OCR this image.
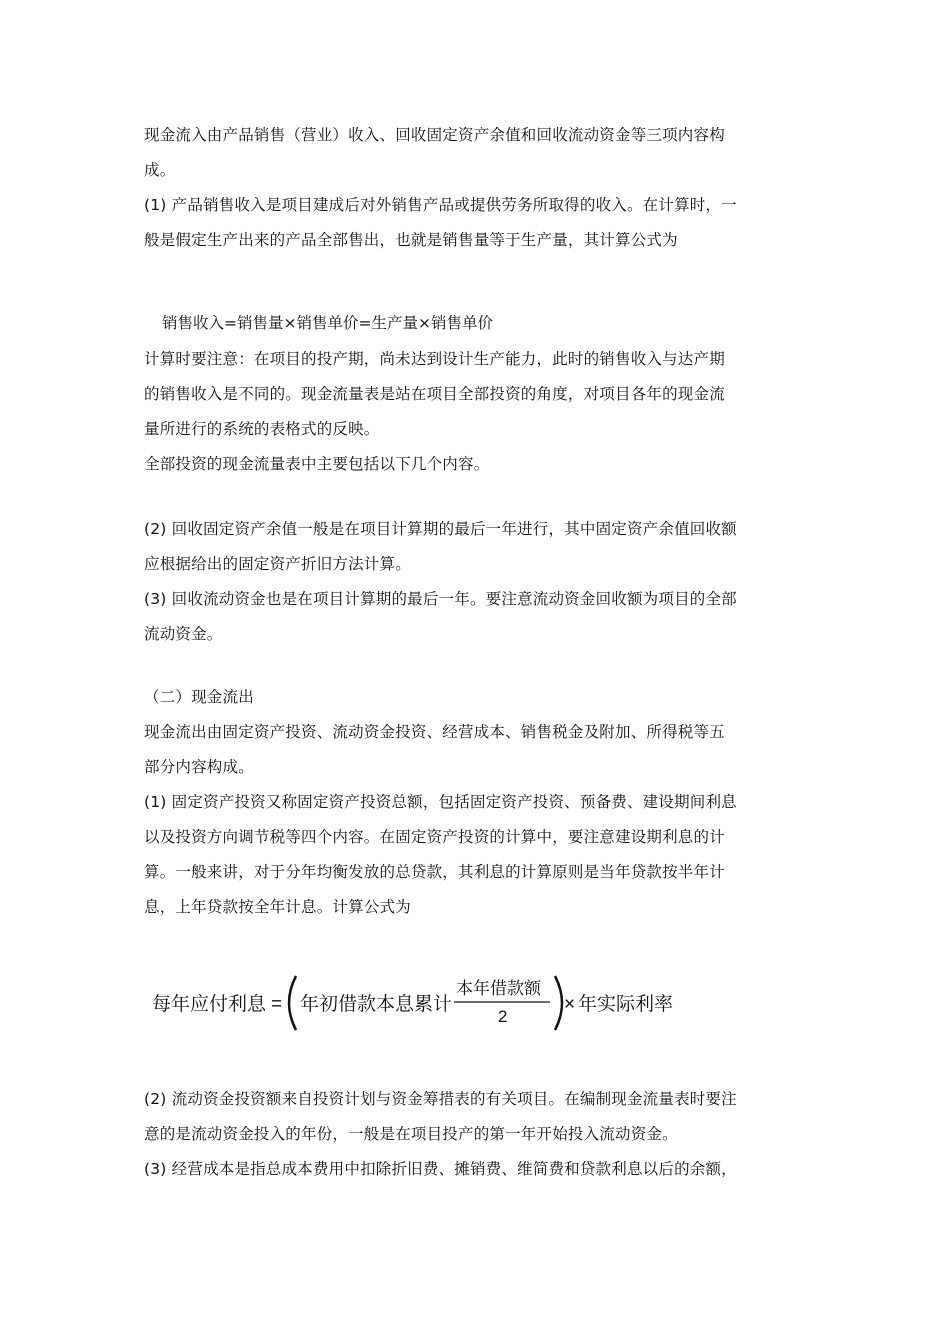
现金流入由产品销售（营业）收入、回收固定资产余值和回收流动资金等三项内容构
成。
(1) 产品销售收入是项目建成后对外销售产品或提供劳务所取得的收入。在计算时，一
般是假定生产出来的产品全部售出，也就是销售量等于生产量，其计算公式为
销售收入=销售量×销售单价=生产量×销售单价
计算时要注意：在项目的投产期，尚未达到设计生产能力，此时的销售收入与达产期
的销售收入是不同的。现金流量表是站在项目全部投资的角度，对项目各年的现金流
量所进行的系统的表格式的反映。
全部投资的现金流量表中主要包括以下几个内容。
(2) 回收固定资产余值一般是在项目计算期的最后一年进行，其中固定资产余值回收额
应根据给出的固定资产折旧方法计算。
(3) 回收流动资金也是在项目计算期的最后一年。要注意流动资金回收额为项目的全部
流动资金。
（二）现金流出
现金流出由固定资产投资、流动资金投资、经营成本、销售税金及附加、所得税等五
部分内容构成。
(1) 固定资产投资又称固定资产投资总额，包括固定资产投资、预备费、建设期间利息
以及投资方向调节税等四个内容。在固定资产投资的计算中，要注意建设期利息的计
算。一般来讲，对于分年均衡发放的总贷款，其利息的计算原则是当年贷款按半年计
息，上年贷款按全年计息。计算公式为
每年应付利息 = 年初借款本息累计
本年借款额
2
× 年实际利率
(2) 流动资金投资额来自投资计划与资金筹措表的有关项目。在编制现金流量表时要注
意的是流动资金投入的年份，一般是在项目投产的第一年开始投入流动资金。
(3) 经营成本是指总成本费用中扣除折旧费、摊销费、维简费和贷款利息以后的余额，
